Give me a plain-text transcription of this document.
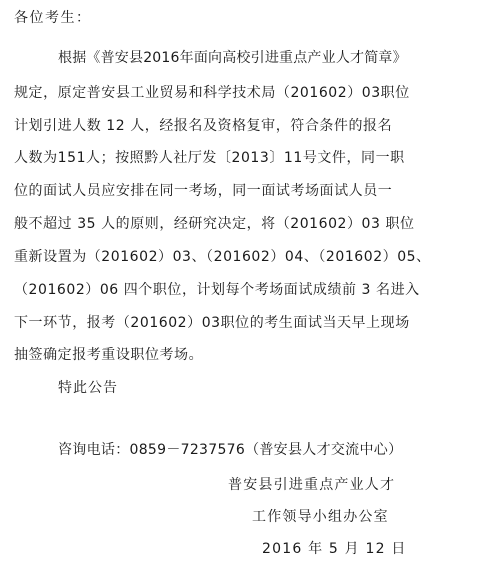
各位考生：
根据《普安县2016年面向高校引进重点产业人才简章》
规定，原定普安县工业贸易和科学技术局（201602）03职位
计划引进人数 12 人，经报名及资格复审，符合条件的报名
人数为151人；按照黔人社厅发〔2013〕11号文件，同一职
位的面试人员应安排在同一考场，同一面试考场面试人员一
般不超过 35 人的原则，经研究决定，将（201602）03 职位
重新设置为（201602）03、（201602）04、（201602）05、
（201602）06 四个职位，计划每个考场面试成绩前 3 名进入
下一环节，报考（201602）03职位的考生面试当天早上现场
抽签确定报考重设职位考场。
特此公告
咨询电话：0859－7237576（普安县人才交流中心）
普安县引进重点产业人才
工作领导小组办公室
2016 年 5 月 12 日
